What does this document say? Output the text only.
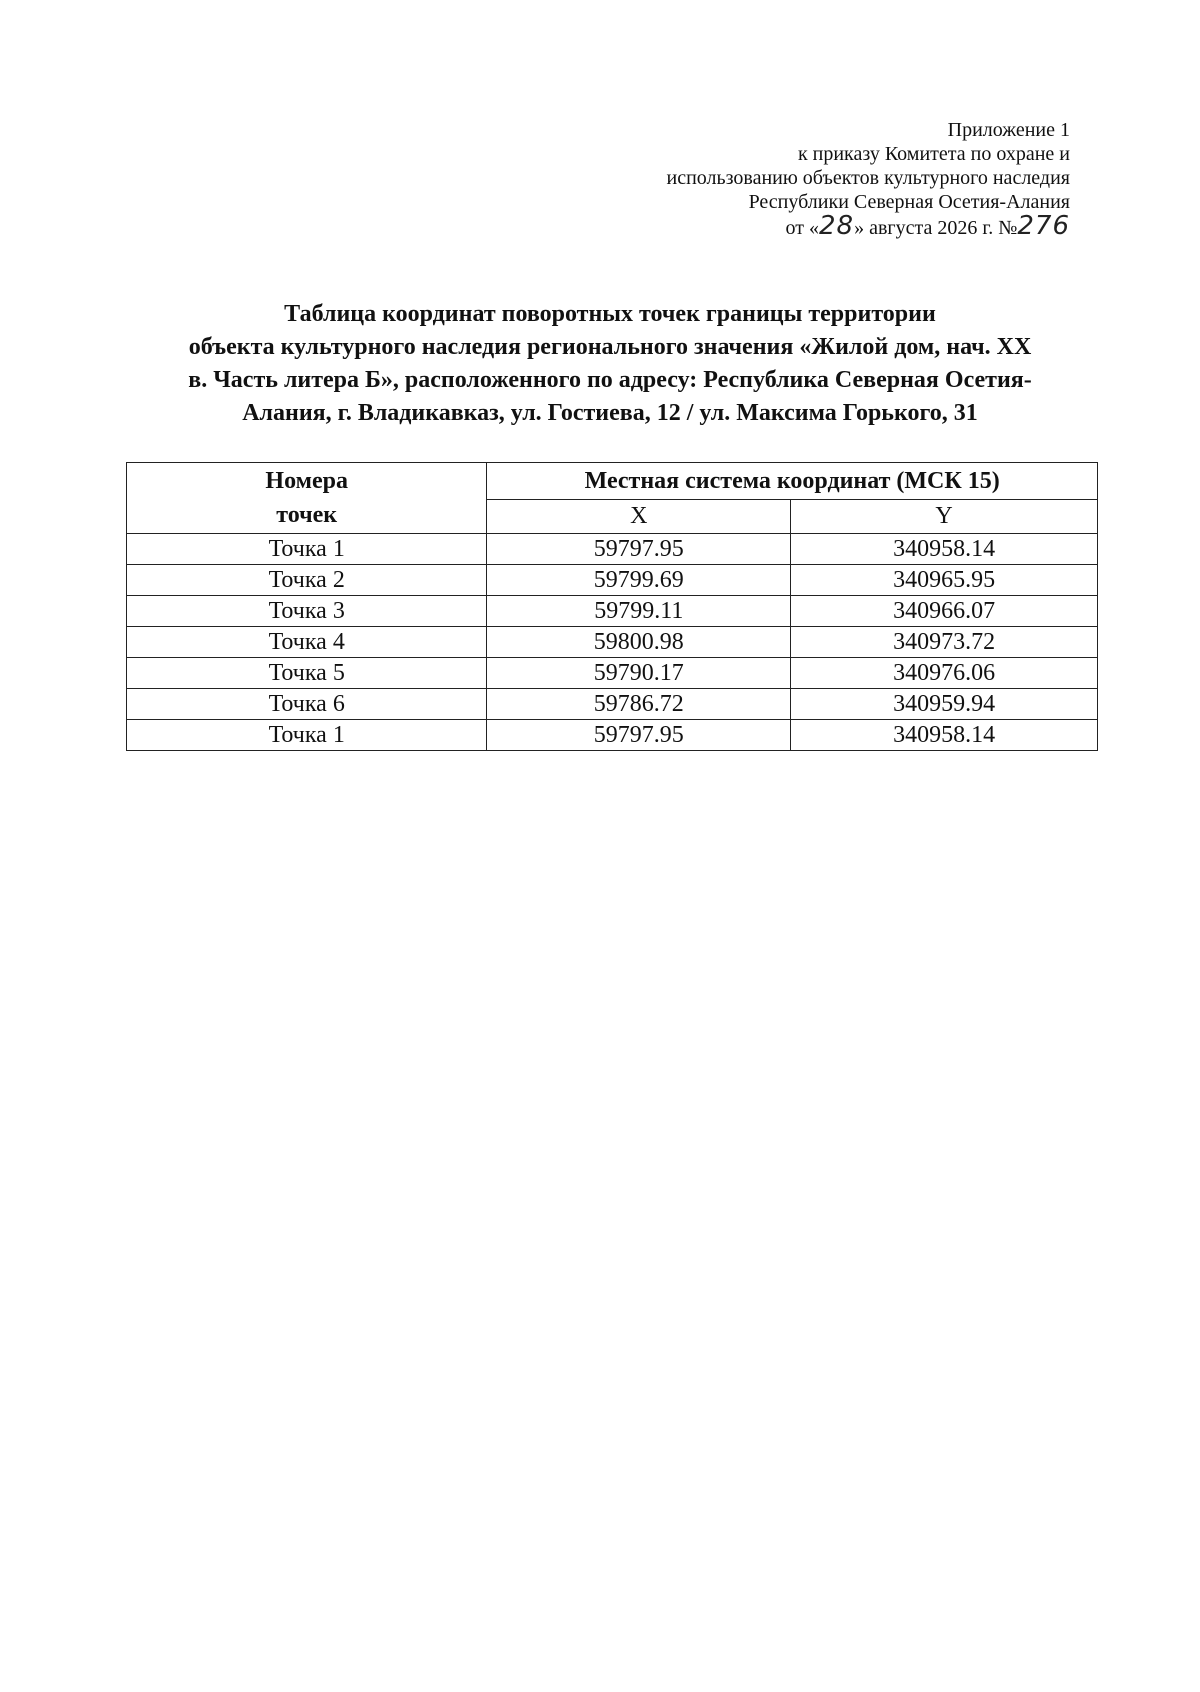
Приложение 1
к приказу Комитета по охране и
использованию объектов культурного наследия
Республики Северная Осетия-Алания
от «28» августа 2026 г. №276
Таблица координат поворотных точек границы территории
объекта культурного наследия регионального значения «Жилой дом, нач. XX
в. Часть литера Б», расположенного по адресу: Республика Северная Осетия-
Алания, г. Владикавказ, ул. Гостиева, 12 / ул. Максима Горького, 31
Номера
точек	Местная система координат (МСК 15)	
	X	Y
Точка 1	59797.95	340958.14
Точка 2	59799.69	340965.95
Точка 3	59799.11	340966.07
Точка 4	59800.98	340973.72
Точка 5	59790.17	340976.06
Точка 6	59786.72	340959.94
Точка 1	59797.95	340958.14
